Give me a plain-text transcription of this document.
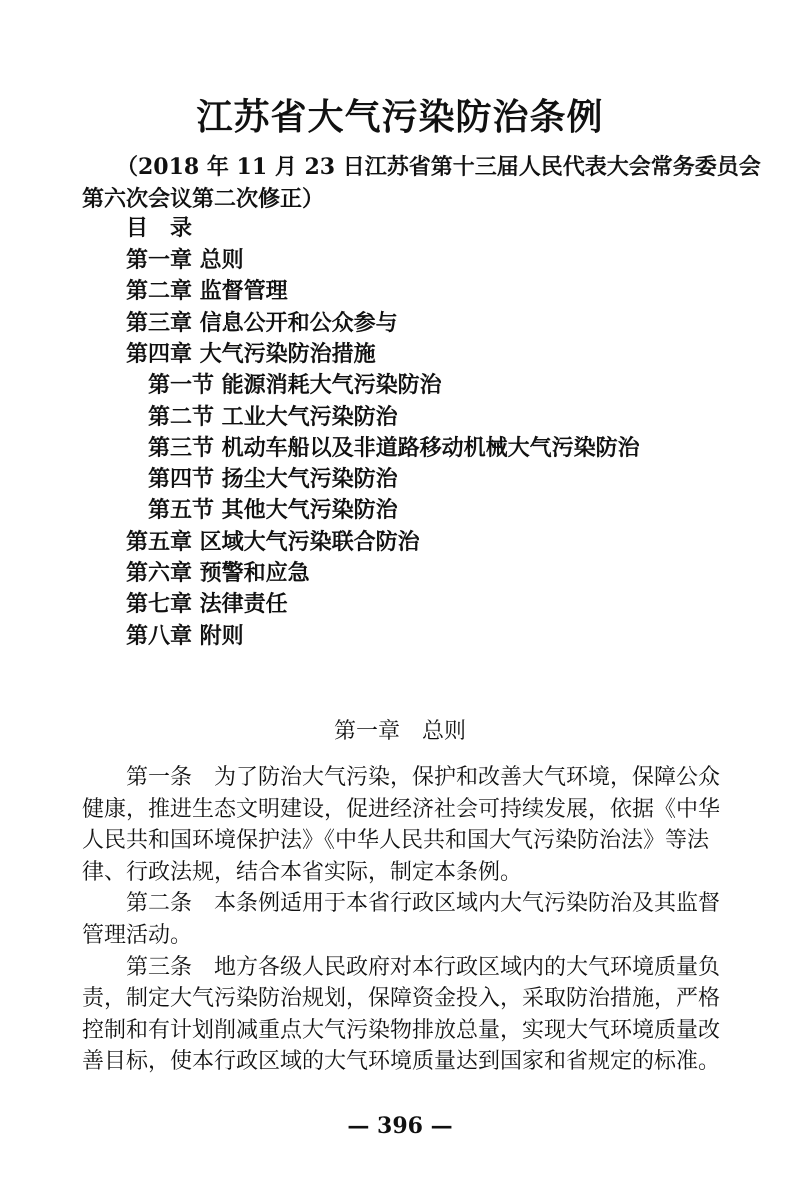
江苏省大气污染防治条例
（2018 年 11 月 23 日江苏省第十三届人民代表大会常务委员会
第六次会议第二次修正）
目　录
第一章 总则
第二章 监督管理
第三章 信息公开和公众参与
第四章 大气污染防治措施
第一节 能源消耗大气污染防治
第二节 工业大气污染防治
第三节 机动车船以及非道路移动机械大气污染防治
第四节 扬尘大气污染防治
第五节 其他大气污染防治
第五章 区域大气污染联合防治
第六章 预警和应急
第七章 法律责任
第八章 附则
第一章　总则
第一条　为了防治大气污染，保护和改善大气环境，保障公众
健康，推进生态文明建设，促进经济社会可持续发展，依据《中华
人民共和国环境保护法》《中华人民共和国大气污染防治法》等法
律、行政法规，结合本省实际，制定本条例。
第二条　本条例适用于本省行政区域内大气污染防治及其监督
管理活动。
第三条　地方各级人民政府对本行政区域内的大气环境质量负
责，制定大气污染防治规划，保障资金投入，采取防治措施，严格
控制和有计划削减重点大气污染物排放总量，实现大气环境质量改
善目标，使本行政区域的大气环境质量达到国家和省规定的标准。
— 396 —
